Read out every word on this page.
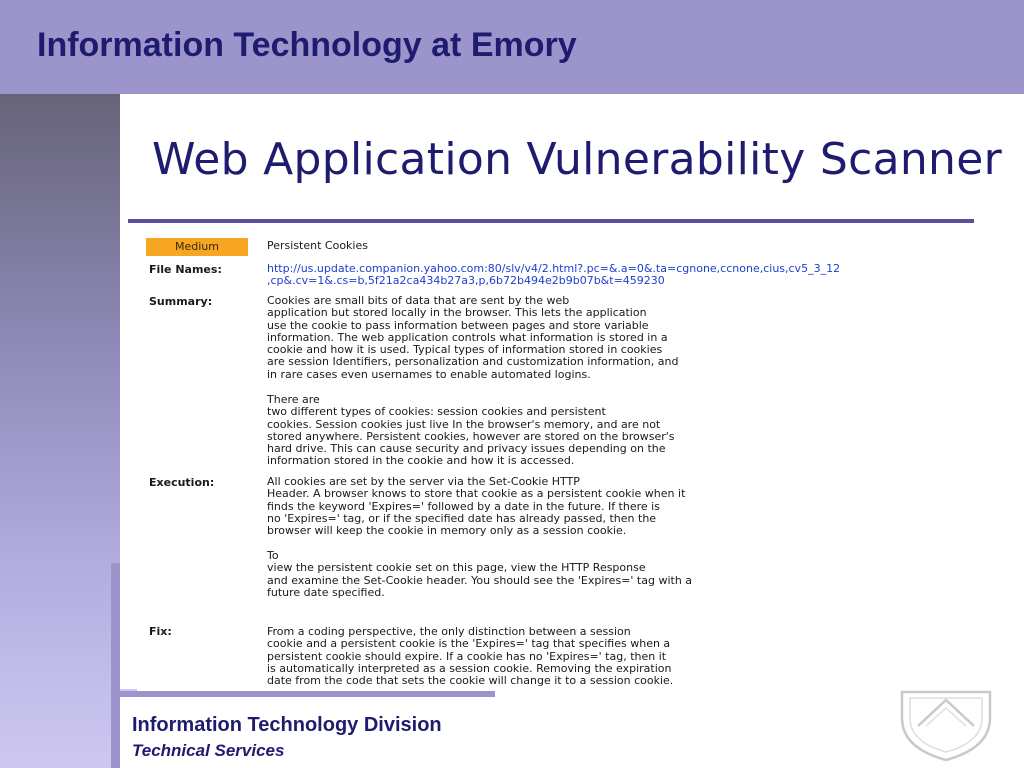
Information Technology at Emory
Web Application Vulnerability Scanner
Medium	Persistent Cookies
File Names:	http://us.update.companion.yahoo.com:80/slv/v4/2.html?.pc=&.a=0&.ta=cgnone,ccnone,cius,cv5_3_12
,cp&.cv=1&.cs=b,5f21a2ca434b27a3,p,6b72b494e2b9b07b&t=459230
Summary:	Cookies are small bits of data that are sent by the web
application but stored locally in the browser. This lets the application
use the cookie to pass information between pages and store variable
information. The web application controls what information is stored in a
cookie and how it is used. Typical types of information stored in cookies
are session Identifiers, personalization and customization information, and
in rare cases even usernames to enable automated logins.
There are
two different types of cookies: session cookies and persistent
cookies. Session cookies just live In the browser's memory, and are not
stored anywhere. Persistent cookies, however are stored on the browser's
hard drive. This can cause security and privacy issues depending on the
information stored in the cookie and how it is accessed.
Execution:	All cookies are set by the server via the Set-Cookie HTTP
Header. A browser knows to store that cookie as a persistent cookie when it
finds the keyword 'Expires=' followed by a date in the future. If there is
no 'Expires=' tag, or if the specified date has already passed, then the
browser will keep the cookie in memory only as a session cookie.
To
view the persistent cookie set on this page, view the HTTP Response
and examine the Set-Cookie header. You should see the 'Expires=' tag with a
future date specified.
Fix:	From a coding perspective, the only distinction between a session
cookie and a persistent cookie is the 'Expires=' tag that specifies when a
persistent cookie should expire. If a cookie has no 'Expires=' tag, then it
is automatically interpreted as a session cookie. Removing the expiration
date from the code that sets the cookie will change it to a session cookie.
Information Technology Division
Technical Services
